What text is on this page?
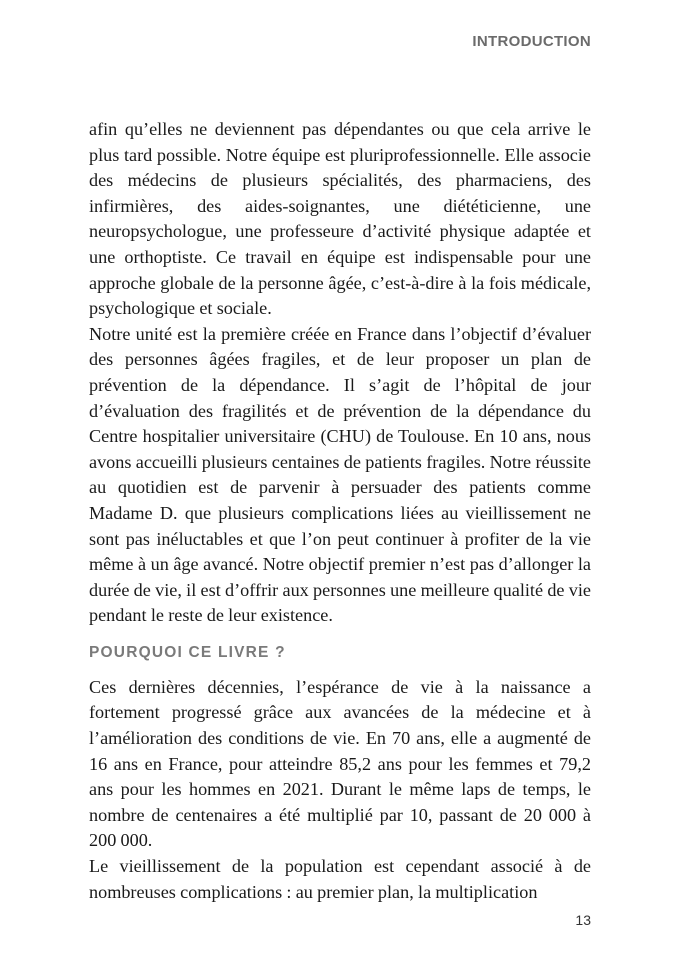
INTRODUCTION

afin qu’elles ne deviennent pas dépendantes ou que cela arrive le plus tard possible. Notre équipe est pluriprofessionnelle. Elle associe des médecins de plusieurs spécialités, des pharmaciens, des infirmières, des aides-soignantes, une diététicienne, une neuropsychologue, une professeure d’activité physique adaptée et une orthoptiste. Ce travail en équipe est indispensable pour une approche globale de la personne âgée, c’est-à-dire à la fois médicale, psychologique et sociale.

Notre unité est la première créée en France dans l’objectif d’évaluer des personnes âgées fragiles, et de leur proposer un plan de prévention de la dépendance. Il s’agit de l’hôpital de jour d’évaluation des fragilités et de prévention de la dépendance du Centre hospitalier universitaire (CHU) de Toulouse. En 10 ans, nous avons accueilli plusieurs centaines de patients fragiles. Notre réussite au quotidien est de parvenir à persuader des patients comme Madame D. que plusieurs complications liées au vieillissement ne sont pas inéluctables et que l’on peut continuer à profiter de la vie même à un âge avancé. Notre objectif premier n’est pas d’allonger la durée de vie, il est d’offrir aux personnes une meilleure qualité de vie pendant le reste de leur existence.

POURQUOI CE LIVRE ?

Ces dernières décennies, l’espérance de vie à la naissance a fortement progressé grâce aux avancées de la médecine et à l’amélioration des conditions de vie. En 70 ans, elle a augmenté de 16 ans en France, pour atteindre 85,2 ans pour les femmes et 79,2 ans pour les hommes en 2021. Durant le même laps de temps, le nombre de centenaires a été multiplié par 10, passant de 20 000 à 200 000.

Le vieillissement de la population est cependant associé à de nombreuses complications : au premier plan, la multiplication

13
